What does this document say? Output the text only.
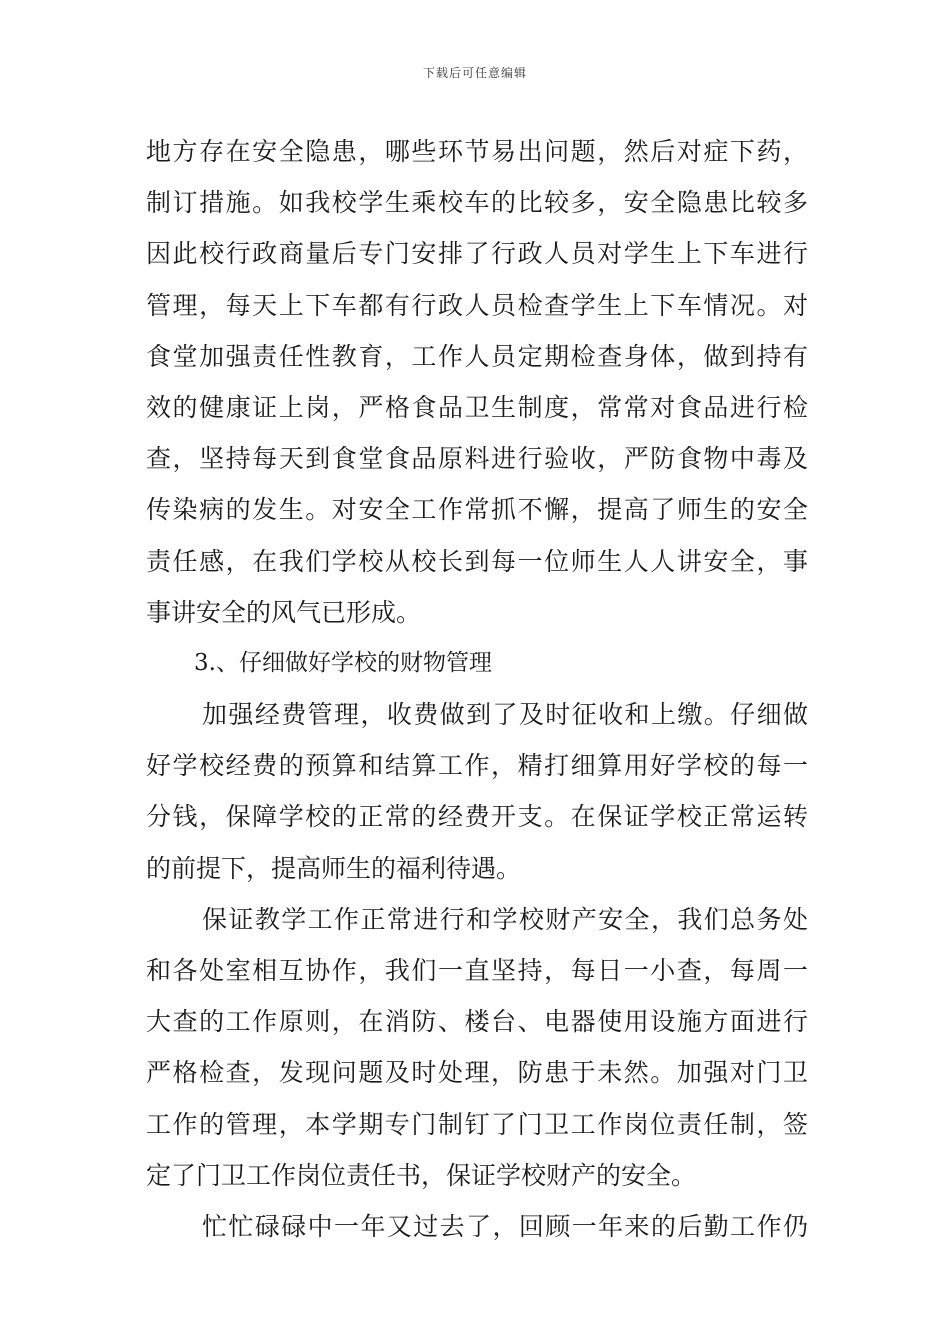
下载后可任意编辑
地方存在安全隐患，哪些环节易出问题，然后对症下药，
制订措施。如我校学生乘校车的比较多，安全隐患比较多
因此校行政商量后专门安排了行政人员对学生上下车进行
管理，每天上下车都有行政人员检查学生上下车情况。对
食堂加强责任性教育，工作人员定期检查身体，做到持有
效的健康证上岗，严格食品卫生制度，常常对食品进行检
查，坚持每天到食堂食品原料进行验收，严防食物中毒及
传染病的发生。对安全工作常抓不懈，提高了师生的安全
责任感，在我们学校从校长到每一位师生人人讲安全，事
事讲安全的风气已形成。
3.、仔细做好学校的财物管理
加强经费管理，收费做到了及时征收和上缴。仔细做
好学校经费的预算和结算工作，精打细算用好学校的每一
分钱，保障学校的正常的经费开支。在保证学校正常运转
的前提下，提高师生的福利待遇。
保证教学工作正常进行和学校财产安全，我们总务处
和各处室相互协作，我们一直坚持，每日一小查，每周一
大查的工作原则，在消防、楼台、电器使用设施方面进行
严格检查，发现问题及时处理，防患于未然。加强对门卫
工作的管理，本学期专门制钉了门卫工作岗位责任制，签
定了门卫工作岗位责任书，保证学校财产的安全。
忙忙碌碌中一年又过去了，回顾一年来的后勤工作仍
